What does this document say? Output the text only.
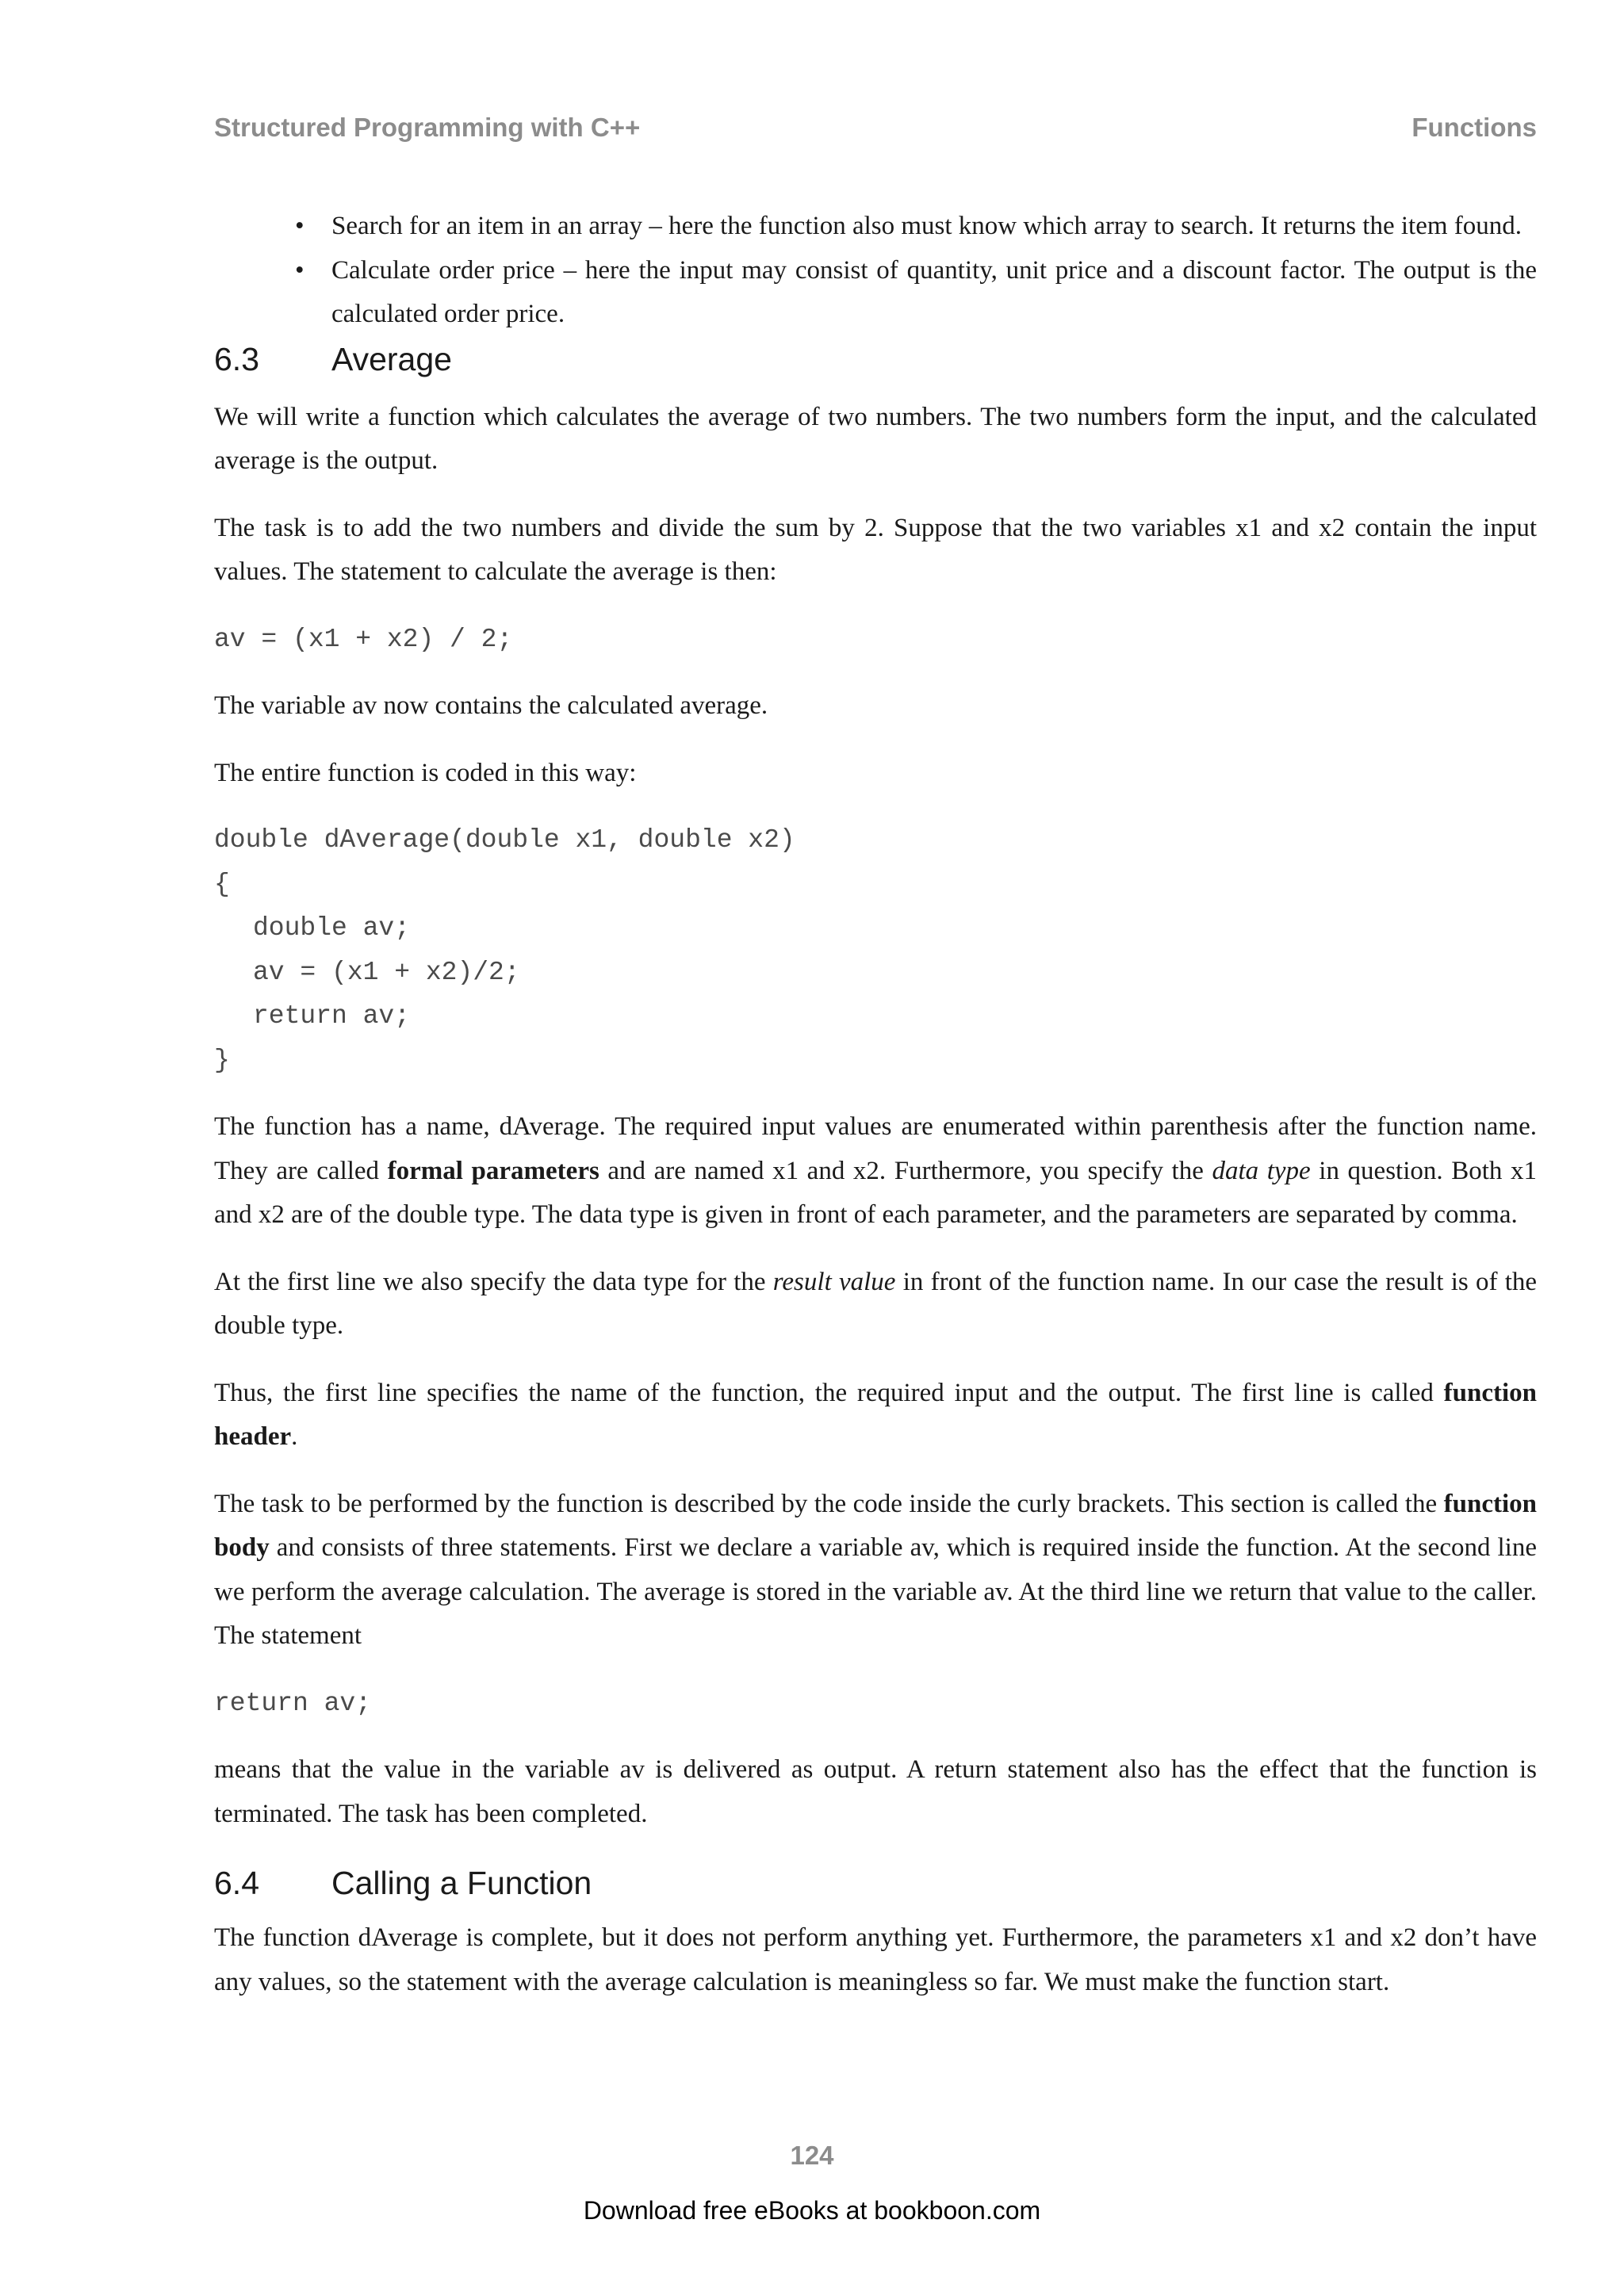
Structured Programming with C++	Functions
• Search for an item in an array – here the function also must know which array to search. It returns the item found.
• Calculate order price – here the input may consist of quantity, unit price and a discount factor. The output is the calculated order price.
6.3 Average

We will write a function which calculates the average of two numbers. The two numbers form the input, and the calculated average is the output.

The task is to add the two numbers and divide the sum by 2. Suppose that the two variables x1 and x2 contain the input values. The statement to calculate the average is then:

av = (x1 + x2) / 2;

The variable av now contains the calculated average.

The entire function is coded in this way:

double dAverage(double x1, double x2)
{
double av;
av = (x1 + x2)/2;
return av;
}

The function has a name, dAverage. The required input values are enumerated within parenthesis after the function name. They are called formal parameters and are named x1 and x2. Furthermore, you specify the data type in question. Both x1 and x2 are of the double type. The data type is given in front of each parameter, and the parameters are separated by comma.

At the first line we also specify the data type for the result value in front of the function name. In our case the result is of the double type.

Thus, the first line specifies the name of the function, the required input and the output. The first line is called function header.

The task to be performed by the function is described by the code inside the curly brackets. This section is called the function body and consists of three statements. First we declare a variable av, which is required inside the function. At the second line we perform the average calculation. The average is stored in the variable av. At the third line we return that value to the caller. The statement

return av;

means that the value in the variable av is delivered as output. A return statement also has the effect that the function is terminated. The task has been completed.

6.4 Calling a Function

The function dAverage is complete, but it does not perform anything yet. Furthermore, the parameters x1 and x2 don’t have any values, so the statement with the average calculation is meaningless so far. We must make the function start.

124
Download free eBooks at bookboon.com
